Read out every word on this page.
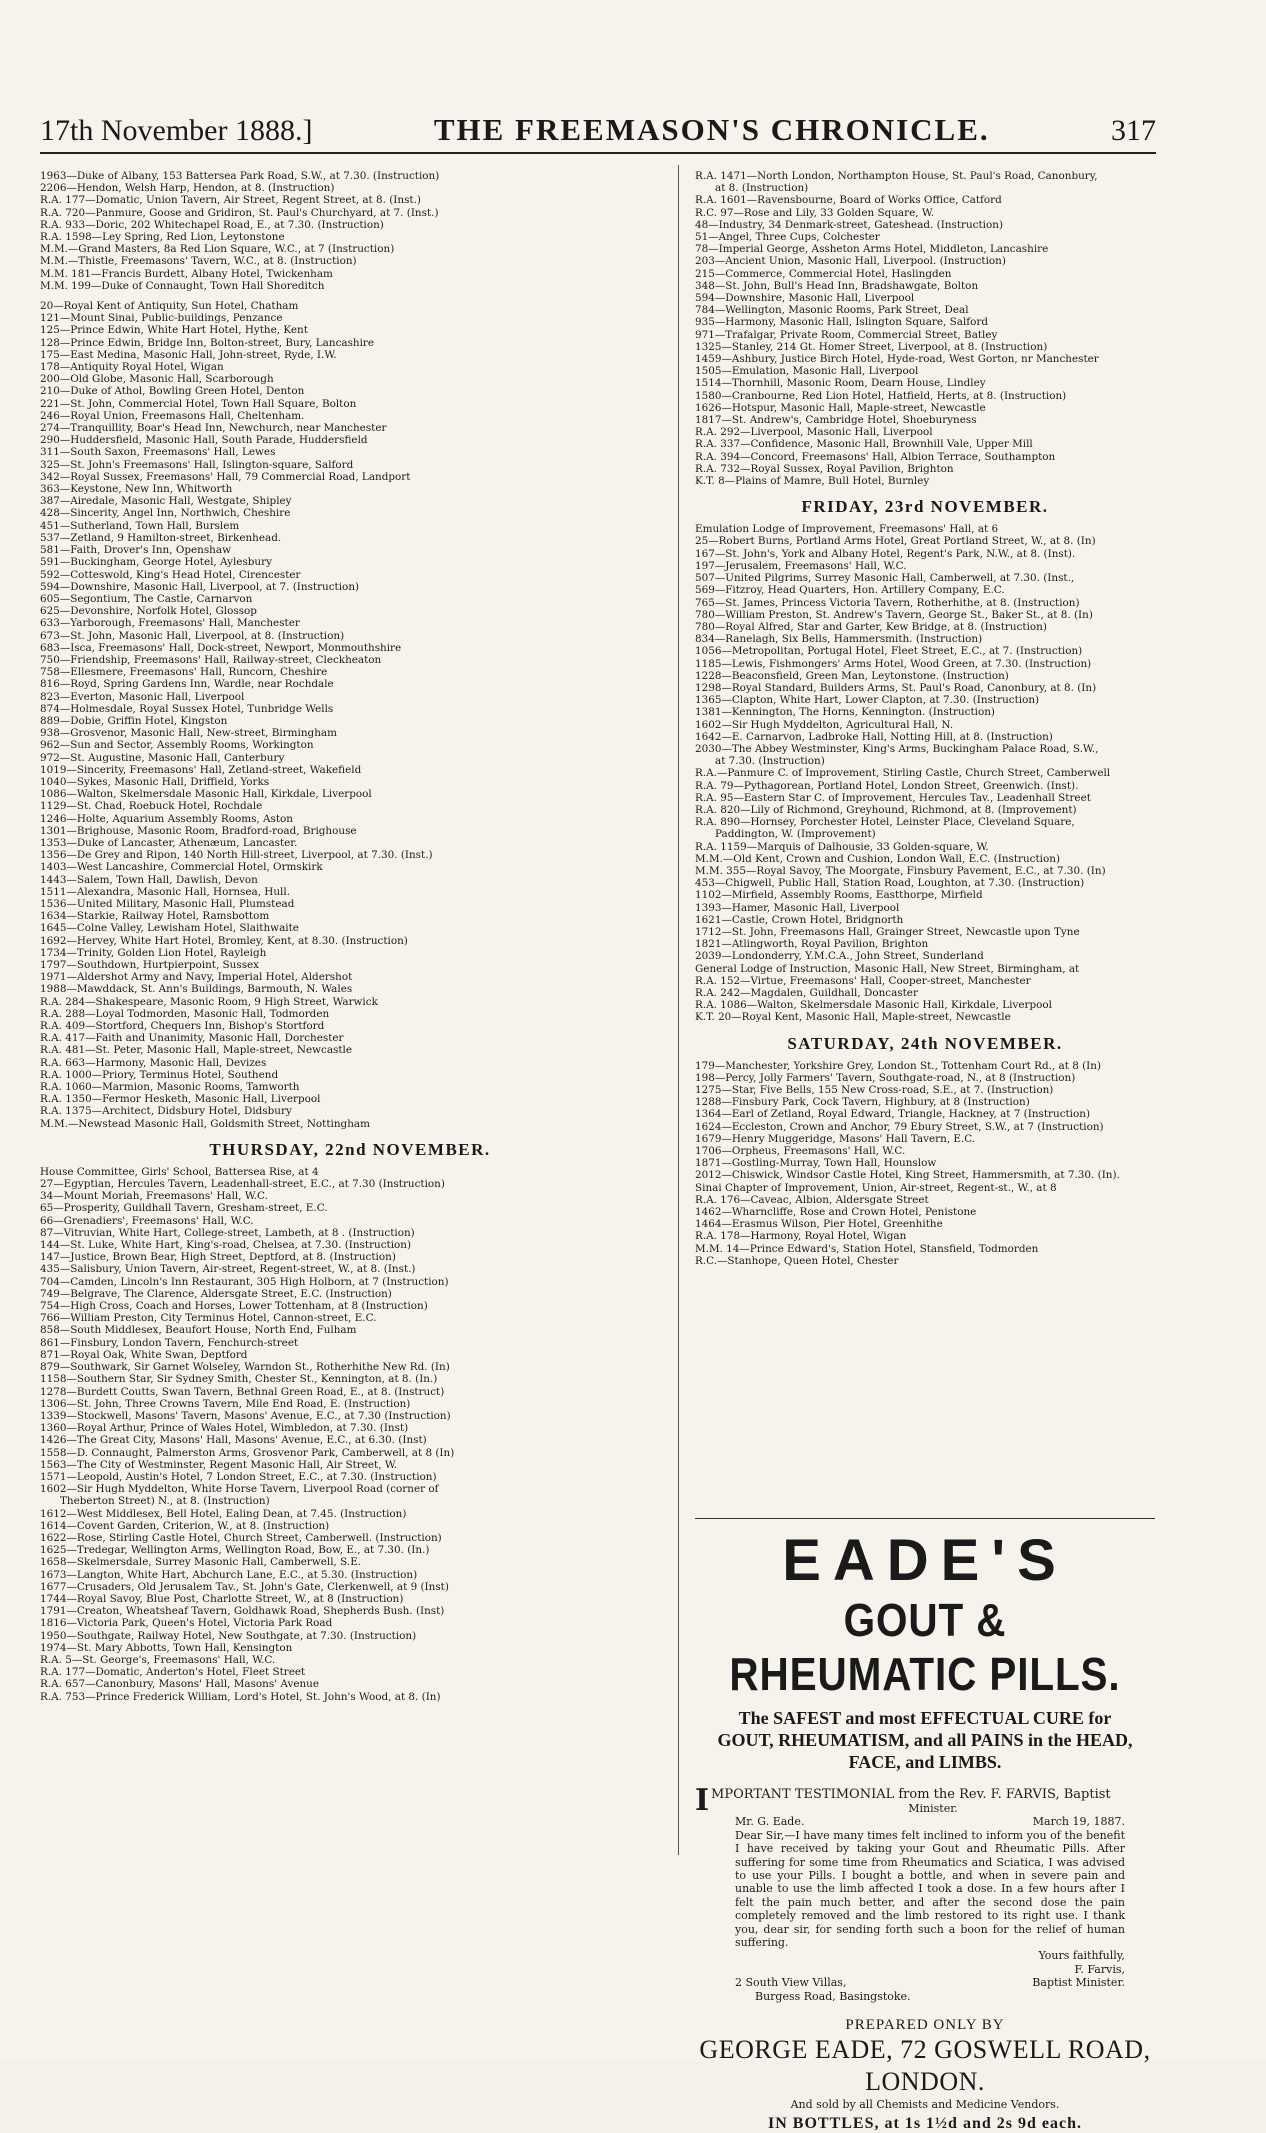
17th November 1888.]	THE FREEMASON'S CHRONICLE.	317
1963—Duke of Albany, 153 Battersea Park Road, S.W., at 7.30. (Instruction)
2206—Hendon, Welsh Harp, Hendon, at 8. (Instruction)
R.A. 177—Domatic, Union Tavern, Air Street, Regent Street, at 8. (Inst.)
R.A. 720—Panmure, Goose and Gridiron, St. Paul's Churchyard, at 7. (Inst.)
R.A. 933—Doric, 202 Whitechapel Road, E., at 7.30. (Instruction)
R.A. 1598—Ley Spring, Red Lion, Leytonstone
M.M.—Grand Masters, 8a Red Lion Square, W.C., at 7 (Instruction)
M.M.—Thistle, Freemasons' Tavern, W.C., at 8. (Instruction)
M.M. 181—Francis Burdett, Albany Hotel, Twickenham
M.M. 199—Duke of Connaught, Town Hall Shoreditch
20—Royal Kent of Antiquity, Sun Hotel, Chatham
121—Mount Sinai, Public-buildings, Penzance
125—Prince Edwin, White Hart Hotel, Hythe, Kent
128—Prince Edwin, Bridge Inn, Bolton-street, Bury, Lancashire
175—East Medina, Masonic Hall, John-street, Ryde, I.W.
178—Antiquity Royal Hotel, Wigan
200—Old Globe, Masonic Hall, Scarborough
210—Duke of Athol, Bowling Green Hotel, Denton
221—St. John, Commercial Hotel, Town Hall Square, Bolton
246—Royal Union, Freemasons Hall, Cheltenham.
274—Tranquillity, Boar's Head Inn, Newchurch, near Manchester
290—Huddersfield, Masonic Hall, South Parade, Huddersfield
311—South Saxon, Freemasons' Hall, Lewes
325—St. John's Freemasons' Hall, Islington-square, Salford
342—Royal Sussex, Freemasons' Hall, 79 Commercial Road, Landport
363—Keystone, New Inn, Whitworth
387—Airedale, Masonic Hall, Westgate, Shipley
428—Sincerity, Angel Inn, Northwich, Cheshire
451—Sutherland, Town Hall, Burslem
537—Zetland, 9 Hamilton-street, Birkenhead.
581—Faith, Drover's Inn, Openshaw
591—Buckingham, George Hotel, Aylesbury
592—Cotteswold, King's Head Hotel, Cirencester
594—Downshire, Masonic Hall, Liverpool, at 7. (Instruction)
605—Segontium, The Castle, Carnarvon
625—Devonshire, Norfolk Hotel, Glossop
633—Yarborough, Freemasons' Hall, Manchester
673—St. John, Masonic Hall, Liverpool, at 8. (Instruction)
683—Isca, Freemasons' Hall, Dock-street, Newport, Monmouthshire
750—Friendship, Freemasons' Hall, Railway-street, Cleckheaton
758—Ellesmere, Freemasons' Hall, Runcorn, Cheshire
816—Royd, Spring Gardens Inn, Wardle, near Rochdale
823—Everton, Masonic Hall, Liverpool
874—Holmesdale, Royal Sussex Hotel, Tunbridge Wells
889—Dobie, Griffin Hotel, Kingston
938—Grosvenor, Masonic Hall, New-street, Birmingham
962—Sun and Sector, Assembly Rooms, Workington
972—St. Augustine, Masonic Hall, Canterbury
1019—Sincerity, Freemasons' Hall, Zetland-street, Wakefield
1040—Sykes, Masonic Hall, Driffield, Yorks
1086—Walton, Skelmersdale Masonic Hall, Kirkdale, Liverpool
1129—St. Chad, Roebuck Hotel, Rochdale
1246—Holte, Aquarium Assembly Rooms, Aston
1301—Brighouse, Masonic Room, Bradford-road, Brighouse
1353—Duke of Lancaster, Athenæum, Lancaster.
1356—De Grey and Ripon, 140 North Hill-street, Liverpool, at 7.30. (Inst.)
1403—West Lancashire, Commercial Hotel, Ormskirk
1443—Salem, Town Hall, Dawlish, Devon
1511—Alexandra, Masonic Hall, Hornsea, Hull.
1536—United Military, Masonic Hall, Plumstead
1634—Starkie, Railway Hotel, Ramsbottom
1645—Colne Valley, Lewisham Hotel, Slaithwaite
1692—Hervey, White Hart Hotel, Bromley, Kent, at 8.30. (Instruction)
1734—Trinity, Golden Lion Hotel, Rayleigh
1797—Southdown, Hurtpierpoint, Sussex
1971—Aldershot Army and Navy, Imperial Hotel, Aldershot
1988—Mawddack, St. Ann's Buildings, Barmouth, N. Wales
R.A. 284—Shakespeare, Masonic Room, 9 High Street, Warwick
R.A. 288—Loyal Todmorden, Masonic Hall, Todmorden
R.A. 409—Stortford, Chequers Inn, Bishop's Stortford
R.A. 417—Faith and Unanimity, Masonic Hall, Dorchester
R.A. 481—St. Peter, Masonic Hall, Maple-street, Newcastle
R.A. 663—Harmony, Masonic Hall, Devizes
R.A. 1000—Priory, Terminus Hotel, Southend
R.A. 1060—Marmion, Masonic Rooms, Tamworth
R.A. 1350—Fermor Hesketh, Masonic Hall, Liverpool
R.A. 1375—Architect, Didsbury Hotel, Didsbury
M.M.—Newstead Masonic Hall, Goldsmith Street, Nottingham
THURSDAY, 22nd NOVEMBER.
House Committee, Girls' School, Battersea Rise, at 4
27—Egyptian, Hercules Tavern, Leadenhall-street, E.C., at 7.30 (Instruction)
34—Mount Moriah, Freemasons' Hall, W.C.
65—Prosperity, Guildhall Tavern, Gresham-street, E.C.
66—Grenadiers', Freemasons' Hall, W.C.
87—Vitruvian, White Hart, College-street, Lambeth, at 8 . (Instruction)
144—St. Luke, White Hart, King's-road, Chelsea, at 7.30. (Instruction)
147—Justice, Brown Bear, High Street, Deptford, at 8. (Instruction)
435—Salisbury, Union Tavern, Air-street, Regent-street, W., at 8. (Inst.)
704—Camden, Lincoln's Inn Restaurant, 305 High Holborn, at 7 (Instruction)
749—Belgrave, The Clarence, Aldersgate Street, E.C. (Instruction)
754—High Cross, Coach and Horses, Lower Tottenham, at 8 (Instruction)
766—William Preston, City Terminus Hotel, Cannon-street, E.C.
858—South Middlesex, Beaufort House, North End, Fulham
861—Finsbury, London Tavern, Fenchurch-street
871—Royal Oak, White Swan, Deptford
879—Southwark, Sir Garnet Wolseley, Warndon St., Rotherhithe New Rd. (In)
1158—Southern Star, Sir Sydney Smith, Chester St., Kennington, at 8. (In.)
1278—Burdett Coutts, Swan Tavern, Bethnal Green Road, E., at 8. (Instruct)
1306—St. John, Three Crowns Tavern, Mile End Road, E. (Instruction)
1339—Stockwell, Masons' Tavern, Masons' Avenue, E.C., at 7.30 (Instruction)
1360—Royal Arthur, Prince of Wales Hotel, Wimbledon, at 7.30. (Inst)
1426—The Great City, Masons' Hall, Masons' Avenue, E.C., at 6.30. (Inst)
1558—D. Connaught, Palmerston Arms, Grosvenor Park, Camberwell, at 8 (In)
1563—The City of Westminster, Regent Masonic Hall, Air Street, W.
1571—Leopold, Austin's Hotel, 7 London Street, E.C., at 7.30. (Instruction)
1602—Sir Hugh Myddelton, White Horse Tavern, Liverpool Road (corner of
Theberton Street) N., at 8. (Instruction)
1612—West Middlesex, Bell Hotel, Ealing Dean, at 7.45. (Instruction)
1614—Covent Garden, Criterion, W., at 8. (Instruction)
1622—Rose, Stirling Castle Hotel, Church Street, Camberwell. (Instruction)
1625—Tredegar, Wellington Arms, Wellington Road, Bow, E., at 7.30. (In.)
1658—Skelmersdale, Surrey Masonic Hall, Camberwell, S.E.
1673—Langton, White Hart, Abchurch Lane, E.C., at 5.30. (Instruction)
1677—Crusaders, Old Jerusalem Tav., St. John's Gate, Clerkenwell, at 9 (Inst)
1744—Royal Savoy, Blue Post, Charlotte Street, W., at 8 (Instruction)
1791—Creaton, Wheatsheaf Tavern, Goldhawk Road, Shepherds Bush. (Inst)
1816—Victoria Park, Queen's Hotel, Victoria Park Road
1950—Southgate, Railway Hotel, New Southgate, at 7.30. (Instruction)
1974—St. Mary Abbotts, Town Hall, Kensington
R.A. 5—St. George's, Freemasons' Hall, W.C.
R.A. 177—Domatic, Anderton's Hotel, Fleet Street
R.A. 657—Canonbury, Masons' Hall, Masons' Avenue
R.A. 753—Prince Frederick William, Lord's Hotel, St. John's Wood, at 8. (In)
R.A. 1471—North London, Northampton House, St. Paul's Road, Canonbury,
at 8. (Instruction)
R.A. 1601—Ravensbourne, Board of Works Office, Catford
R.C. 97—Rose and Lily, 33 Golden Square, W.
48—Industry, 34 Denmark-street, Gateshead. (Instruction)
51—Angel, Three Cups, Colchester
78—Imperial George, Assheton Arms Hotel, Middleton, Lancashire
203—Ancient Union, Masonic Hall, Liverpool. (Instruction)
215—Commerce, Commercial Hotel, Haslingden
348—St. John, Bull's Head Inn, Bradshawgate, Bolton
594—Downshire, Masonic Hall, Liverpool
784—Wellington, Masonic Rooms, Park Street, Deal
935—Harmony, Masonic Hall, Islington Square, Salford
971—Trafalgar, Private Room, Commercial Street, Batley
1325—Stanley, 214 Gt. Homer Street, Liverpool, at 8. (Instruction)
1459—Ashbury, Justice Birch Hotel, Hyde-road, West Gorton, nr Manchester
1505—Emulation, Masonic Hall, Liverpool
1514—Thornhill, Masonic Room, Dearn House, Lindley
1580—Cranbourne, Red Lion Hotel, Hatfield, Herts, at 8. (Instruction)
1626—Hotspur, Masonic Hall, Maple-street, Newcastle
1817—St. Andrew's, Cambridge Hotel, Shoeburyness
R.A. 292—Liverpool, Masonic Hall, Liverpool
R.A. 337—Confidence, Masonic Hall, Brownhill Vale, Upper Mill
R.A. 394—Concord, Freemasons' Hall, Albion Terrace, Southampton
R.A. 732—Royal Sussex, Royal Pavilion, Brighton
K.T. 8—Plains of Mamre, Bull Hotel, Burnley
FRIDAY, 23rd NOVEMBER.
Emulation Lodge of Improvement, Freemasons' Hall, at 6
25—Robert Burns, Portland Arms Hotel, Great Portland Street, W., at 8. (In)
167—St. John's, York and Albany Hotel, Regent's Park, N.W., at 8. (Inst).
197—Jerusalem, Freemasons' Hall, W.C.
507—United Pilgrims, Surrey Masonic Hall, Camberwell, at 7.30. (Inst.,
569—Fitzroy, Head Quarters, Hon. Artillery Company, E.C.
765—St. James, Princess Victoria Tavern, Rotherhithe, at 8. (Instruction)
780—William Preston, St. Andrew's Tavern, George St., Baker St., at 8. (In)
780—Royal Alfred, Star and Garter, Kew Bridge, at 8. (Instruction)
834—Ranelagh, Six Bells, Hammersmith. (Instruction)
1056—Metropolitan, Portugal Hotel, Fleet Street, E.C., at 7. (Instruction)
1185—Lewis, Fishmongers' Arms Hotel, Wood Green, at 7.30. (Instruction)
1228—Beaconsfield, Green Man, Leytonstone. (Instruction)
1298—Royal Standard, Builders Arms, St. Paul's Road, Canonbury, at 8. (In)
1365—Clapton, White Hart, Lower Clapton, at 7.30. (Instruction)
1381—Kennington, The Horns, Kennington. (Instruction)
1602—Sir Hugh Myddelton, Agricultural Hall, N.
1642—E. Carnarvon, Ladbroke Hall, Notting Hill, at 8. (Instruction)
2030—The Abbey Westminster, King's Arms, Buckingham Palace Road, S.W.,
at 7.30. (Instruction)
R.A.—Panmure C. of Improvement, Stirling Castle, Church Street, Camberwell
R.A. 79—Pythagorean, Portland Hotel, London Street, Greenwich. (Inst).
R.A. 95—Eastern Star C. of Improvement, Hercules Tav., Leadenhall Street
R.A. 820—Lily of Richmond, Greyhound, Richmond, at 8. (Improvement)
R.A. 890—Hornsey, Porchester Hotel, Leinster Place, Cleveland Square,
Paddington, W. (Improvement)
R.A. 1159—Marquis of Dalhousie, 33 Golden-square, W.
M.M.—Old Kent, Crown and Cushion, London Wall, E.C. (Instruction)
M.M. 355—Royal Savoy, The Moorgate, Finsbury Pavement, E.C., at 7.30. (In)
453—Chigwell, Public Hall, Station Road, Loughton, at 7.30. (Instruction)
1102—Mirfield, Assembly Rooms, Eastthorpe, Mirfield
1393—Hamer, Masonic Hall, Liverpool
1621—Castle, Crown Hotel, Bridgnorth
1712—St. John, Freemasons Hall, Grainger Street, Newcastle upon Tyne
1821—Atlingworth, Royal Pavilion, Brighton
2039—Londonderry, Y.M.C.A., John Street, Sunderland
General Lodge of Instruction, Masonic Hall, New Street, Birmingham, at
R.A. 152—Virtue, Freemasons' Hall, Cooper-street, Manchester
R.A. 242—Magdalen, Guildhall, Doncaster
R.A. 1086—Walton, Skelmersdale Masonic Hall, Kirkdale, Liverpool
K.T. 20—Royal Kent, Masonic Hall, Maple-street, Newcastle
SATURDAY, 24th NOVEMBER.
179—Manchester, Yorkshire Grey, London St., Tottenham Court Rd., at 8 (In)
198—Percy, Jolly Farmers' Tavern, Southgate-road, N., at 8 (Instruction)
1275—Star, Five Bells, 155 New Cross-road, S.E., at 7. (Instruction)
1288—Finsbury Park, Cock Tavern, Highbury, at 8 (Instruction)
1364—Earl of Zetland, Royal Edward, Triangle, Hackney, at 7 (Instruction)
1624—Eccleston, Crown and Anchor, 79 Ebury Street, S.W., at 7 (Instruction)
1679—Henry Muggeridge, Masons' Hall Tavern, E.C.
1706—Orpheus, Freemasons' Hall, W.C.
1871—Gostling-Murray, Town Hall, Hounslow
2012—Chiswick, Windsor Castle Hotel, King Street, Hammersmith, at 7.30. (In).
Sinai Chapter of Improvement, Union, Air-street, Regent-st., W., at 8
R.A. 176—Caveac, Albion, Aldersgate Street
1462—Wharncliffe, Rose and Crown Hotel, Penistone
1464—Erasmus Wilson, Pier Hotel, Greenhithe
R.A. 178—Harmony, Royal Hotel, Wigan
M.M. 14—Prince Edward's, Station Hotel, Stansfield, Todmorden
R.C.—Stanhope, Queen Hotel, Chester
EADE'S
GOUT & RHEUMATIC PILLS.
The SAFEST and most EFFECTUAL CURE for
GOUT, RHEUMATISM, and all PAINS in the HEAD,
FACE, and LIMBS.
I MPORTANT TESTIMONIAL from the Rev. F. FARVIS, Baptist
Minister.
Mr. G. Eade.	March 19, 1887.
Dear Sir,—I have many times felt inclined to inform you of the benefit I have received by taking your Gout and Rheumatic Pills. After suffering for some time from Rheumatics and Sciatica, I was advised to use your Pills. I bought a bottle, and when in severe pain and unable to use the limb affected I took a dose. In a few hours after I felt the pain much better, and after the second dose the pain completely removed and the limb restored to its right use. I thank you, dear sir, for sending forth such a boon for the relief of human suffering.
Yours faithfully,
F. Farvis,
2 South View Villas,	Baptist Minister.
Burgess Road, Basingstoke.
PREPARED ONLY BY
GEORGE EADE, 72 GOSWELL ROAD, LONDON.
And sold by all Chemists and Medicine Vendors.
IN BOTTLES, at 1s 1½d and 2s 9d each.
